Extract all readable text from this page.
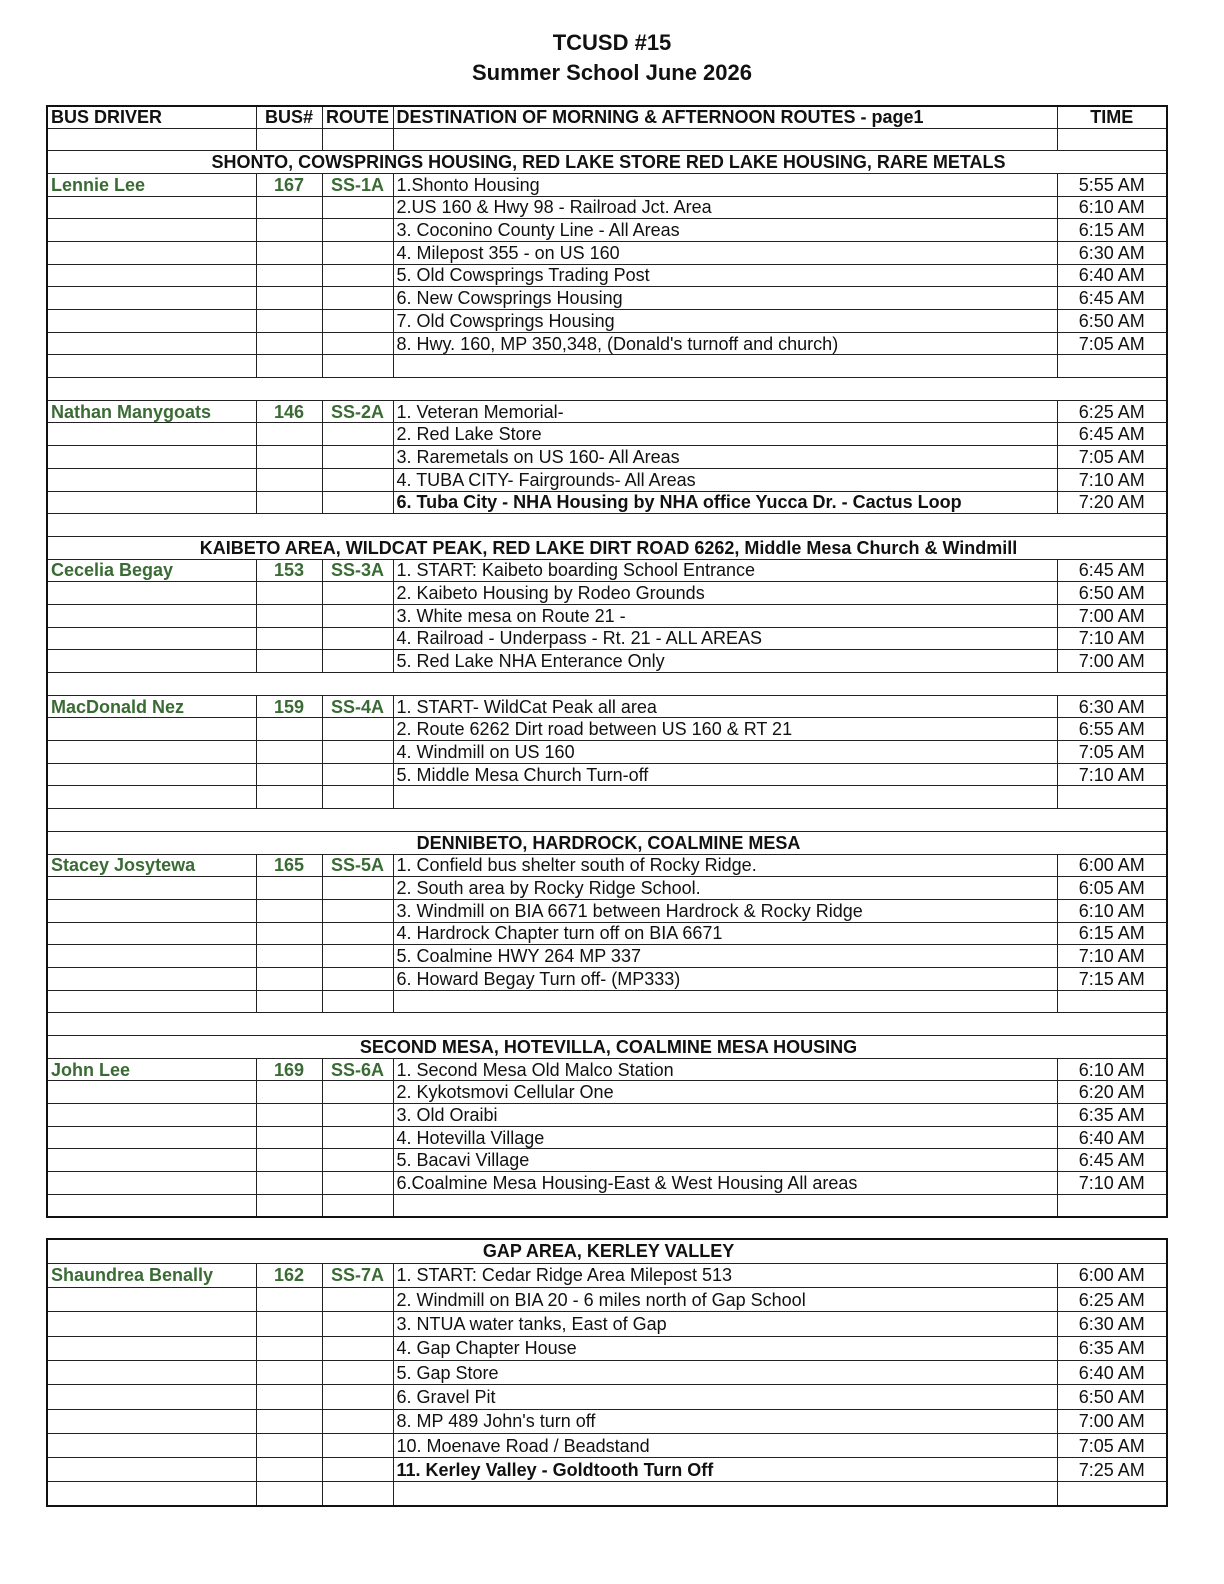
TCUSD #15
Summer School June 2026
BUS DRIVER	BUS#	ROUTE	DESTINATION OF MORNING & AFTERNOON ROUTES - page1	TIME

SHONTO, COWSPRINGS HOUSING, RED LAKE STORE RED LAKE HOUSING, RARE METALS				
Lennie Lee	167	SS-1A	1.Shonto Housing	5:55 AM
			2.US 160 & Hwy 98 - Railroad Jct. Area	6:10 AM
			3. Coconino County Line - All Areas	6:15 AM
			4. Milepost 355 - on US 160	6:30 AM
			5. Old Cowsprings Trading Post	6:40 AM
			6. New Cowsprings Housing	6:45 AM
			7. Old Cowsprings Housing	6:50 AM
			8. Hwy. 160, MP 350,348, (Donald's turnoff and church)	7:05 AM

Nathan Manygoats	146	SS-2A	1. Veteran Memorial-	6:25 AM
			2. Red Lake Store	6:45 AM
			3. Raremetals on US 160- All Areas	7:05 AM
			4. TUBA CITY- Fairgrounds- All Areas	7:10 AM
			6. Tuba City - NHA Housing by NHA office Yucca Dr. - Cactus Loop	7:20 AM

KAIBETO AREA, WILDCAT PEAK, RED LAKE DIRT ROAD 6262, Middle Mesa Church & Windmill				
Cecelia Begay	153	SS-3A	1. START: Kaibeto boarding School Entrance	6:45 AM
			2. Kaibeto Housing by Rodeo Grounds	6:50 AM
			3. White mesa on Route 21 -	7:00 AM
			4. Railroad - Underpass - Rt. 21 - ALL AREAS	7:10 AM
			5. Red Lake NHA Enterance Only	7:00 AM

MacDonald Nez	159	SS-4A	1. START- WildCat Peak all area	6:30 AM
			2. Route 6262 Dirt road between US 160 & RT 21	6:55 AM
			4. Windmill on US 160	7:05 AM
			5. Middle Mesa Church Turn-off	7:10 AM

DENNIBETO, HARDROCK, COALMINE MESA				
Stacey Josytewa	165	SS-5A	1. Confield bus shelter south of Rocky Ridge.	6:00 AM
			2. South area by Rocky Ridge School.	6:05 AM
			3. Windmill on BIA 6671 between Hardrock & Rocky Ridge	6:10 AM
			4. Hardrock Chapter turn off on BIA 6671	6:15 AM
			5. Coalmine HWY 264 MP 337	7:10 AM
			6. Howard Begay Turn off- (MP333)	7:15 AM

SECOND MESA, HOTEVILLA, COALMINE MESA HOUSING				
John Lee	169	SS-6A	1. Second Mesa Old Malco Station	6:10 AM
			2. Kykotsmovi Cellular One	6:20 AM
			3. Old Oraibi	6:35 AM
			4. Hotevilla Village	6:40 AM
			5. Bacavi Village	6:45 AM
			6.Coalmine Mesa Housing-East & West Housing All areas	7:10 AM

GAP AREA, KERLEY VALLEY				
Shaundrea Benally	162	SS-7A	1. START: Cedar Ridge Area Milepost 513	6:00 AM
			2. Windmill on BIA 20 - 6 miles north of Gap School	6:25 AM
			3. NTUA water tanks, East of Gap	6:30 AM
			4. Gap Chapter House	6:35 AM
			5. Gap Store	6:40 AM
			6. Gravel Pit	6:50 AM
			8. MP 489 John's turn off	7:00 AM
			10. Moenave Road / Beadstand	7:05 AM
			11. Kerley Valley - Goldtooth Turn Off	7:25 AM
